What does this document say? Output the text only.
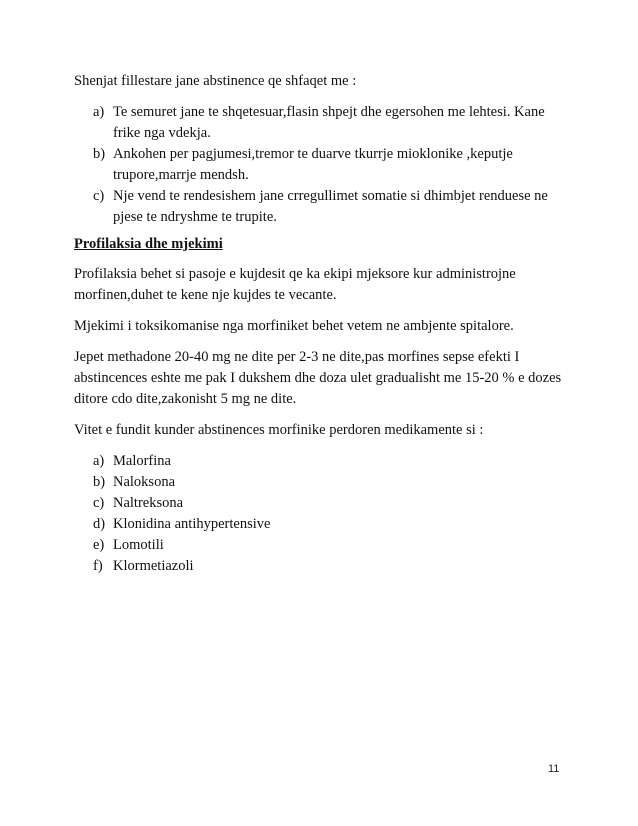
Shenjat fillestare jane abstinence qe shfaqet me :

a) Te semuret jane te shqetesuar,flasin shpejt dhe egersohen me lehtesi. Kane frike nga vdekja.
b) Ankohen per pagjumesi,tremor te duarve tkurrje mioklonike ,keputje trupore,marrje mendsh.
c) Nje vend te rendesishem jane crregullimet somatie si dhimbjet renduese ne pjese te ndryshme te trupite.

Profilaksia dhe mjekimi

Profilaksia behet si pasoje e kujdesit qe ka ekipi mjeksore kur administrojne morfinen,duhet te kene nje kujdes te vecante.

Mjekimi i toksikomanise nga morfiniket behet vetem ne ambjente spitalore.

Jepet methadone 20-40 mg ne dite per 2-3 ne dite,pas morfines sepse efekti I abstincences eshte me pak I dukshem dhe doza ulet gradualisht me 15-20 % e dozes ditore cdo dite,zakonisht 5 mg ne dite.

Vitet e fundit kunder abstinences morfinike perdoren medikamente si :

a) Malorfina
b) Naloksona
c) Naltreksona
d) Klonidina antihypertensive
e) Lomotili
f) Klormetiazoli
11
